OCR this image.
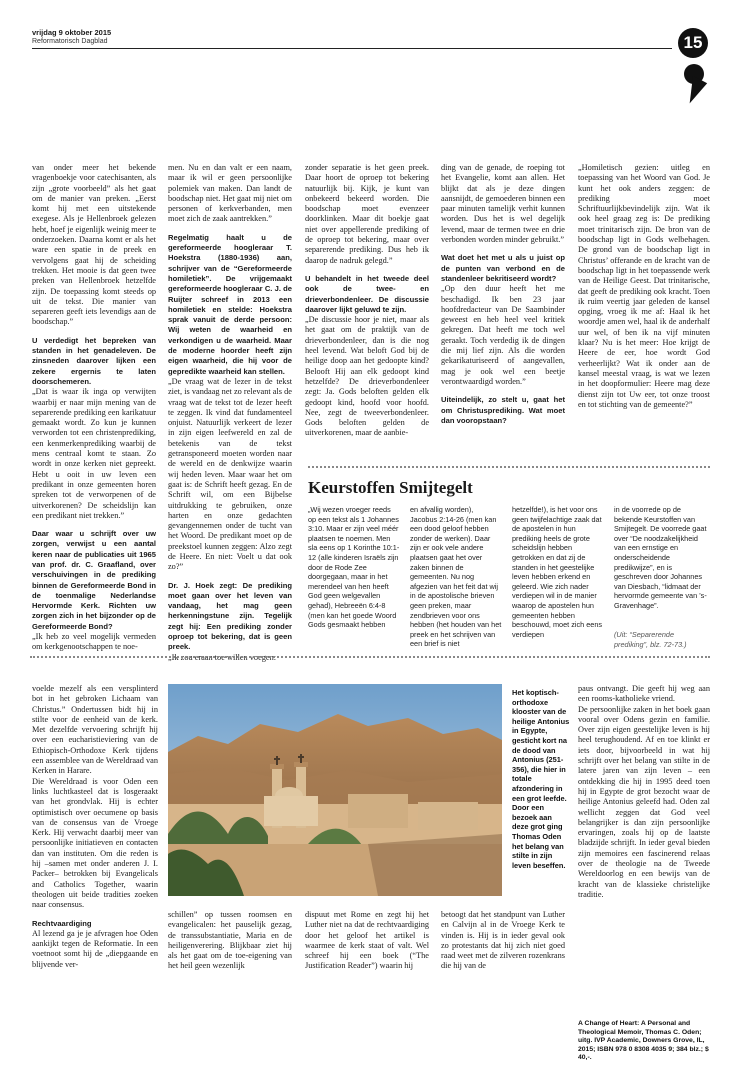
vrijdag 9 oktober 2015
Reformatorisch Dagblad	15

van onder meer het bekende vragenboekje voor catechisanten, als zijn „grote voorbeeld” als het gaat om de manier van preken. „Eerst komt hij met een uitstekende exegese. Als je Hellenbroek gelezen hebt, hoef je eigenlijk weinig meer te onderzoeken. Daarna komt er als het ware een spatie in de preek en vervolgens gaat hij de scheiding trekken. Het mooie is dat geen twee preken van Hellenbroek hetzelfde zijn. De toepassing komt steeds op uit de tekst. Die manier van separeren geeft iets levendigs aan de boodschap.”

U verdedigt het bepreken van standen in het genadeleven. De zinsneden daarover lijken een zekere ergernis te laten doorschemeren.

„Dat is waar ik inga op verwijten waarbij er naar mijn mening van de separerende prediking een karikatuur gemaakt wordt. Zo kun je kunnen verworden tot een christenprediking, een kenmerkenprediking waarbij de mens centraal komt te staan. Zo wordt in onze kerken niet gepreekt. Hebt u ooit in uw leven een predikant in onze gemeenten horen spreken tot de verworpenen of de uitverkorenen? De scheidslijn kan een predikant niet trekken.”

Daar waar u schrijft over uw zorgen, verwijst u een aantal keren naar de publicaties uit 1965 van prof. dr. C. Graafland, over verschuivingen in de prediking binnen de Gereformeerde Bond in de toenmalige Nederlandse Hervormde Kerk. Richten uw zorgen zich in het bijzonder op de Gereformeerde Bond?

„Ik heb zo veel mogelijk vermeden om kerkgenootschappen te noe-

men. Nu en dan valt er een naam, maar ik wil er geen persoonlijke polemiek van maken. Dan landt de boodschap niet. Het gaat mij niet om personen of kerkverbanden, men moet zich de zaak aantrekken.”

Regelmatig haalt u de gereformeerde hoogleraar T. Hoekstra (1880-1936) aan, schrijver van de “Gereformeerde homiletiek”. De vrijgemaakt gereformeerde hoogleraar C. J. de Ruijter schreef in 2013 een homiletiek en stelde: Hoekstra sprak vanuit de derde persoon: Wij weten de waarheid en verkondigen u de waarheid. Maar de moderne hoorder heeft zijn eigen waarheid, die hij voor de gepredikte waarheid kan stellen.

„De vraag wat de lezer in de tekst ziet, is vandaag net zo relevant als de vraag wat de tekst tot de lezer heeft te zeggen. Ik vind dat fundamenteel onjuist. Natuurlijk verkeert de lezer in zijn eigen leefwereld en zal de betekenis van de tekst getransponeerd moeten worden naar de wereld en de denkwijze waarin wij heden leven. Maar waar het om gaat is: de Schrift heeft gezag. En de Schrift wil, om een Bijbelse uitdrukking te gebruiken, onze harten en onze gedachten gevangennemen onder de tucht van het Woord. De predikant moet op de preekstoel kunnen zeggen: Alzo zegt de Heere. En niet: Voelt u dat ook zo?”

Dr. J. Hoek zegt: De prediking moet gaan over het leven van vandaag, het mag geen herkenningstune zijn. Tegelijk zegt hij: Een prediking zonder oproep tot bekering, dat is geen preek.

„Ik zou eraan toe willen voegen:

zonder separatie is het geen preek. Daar hoort de oproep tot bekering natuurlijk bij. Kijk, je kunt van onbekeerd bekeerd worden. Die boodschap moet evenzeer doorklinken. Maar dit boekje gaat niet over appellerende prediking of de oproep tot bekering, maar over separerende prediking. Dus heb ik daarop de nadruk gelegd.”

U behandelt in het tweede deel ook de twee- en drieverbondenleer. De discussie daarover lijkt geluwd te zijn.

„De discussie hoor je niet, maar als het gaat om de praktijk van de drieverbondenleer, dan is die nog heel levend. Wat beloft God bij de heilige doop aan het gedoopte kind? Belooft Hij aan elk gedoopt kind hetzelfde? De drieverbondenleer zegt: Ja. Gods beloften gelden elk gedoopt kind, hoofd voor hoofd. Nee, zegt de tweeverbondenleer. Gods beloften gelden de uitverkorenen, maar de aanbie-

ding van de genade, de roeping tot het Evangelie, komt aan allen. Het blijkt dat als je deze dingen aansnijdt, de gemoederen binnen een paar minuten tamelijk verhit kunnen worden. Dus het is wel degelijk levend, maar de termen twee en drie verbonden worden minder gebruikt.”

Wat doet het met u als u juist op de punten van verbond en de standenleer bekritiseerd wordt?

„Op den duur heeft het me beschadigd. Ik ben 23 jaar hoofdredacteur van De Saambinder geweest en heb heel veel kritiek gekregen. Dat heeft me toch wel geraakt. Toch verdedig ik de dingen die mij lief zijn. Als die worden gekarikaturiseerd of aangevallen, mag je ook wel een beetje verontwaardigd worden.”

Uiteindelijk, zo stelt u, gaat het om Christusprediking. Wat moet dan vooropstaan?

„Homiletisch gezien: uitleg en toepassing van het Woord van God. Je kunt het ook anders zeggen: de prediking moet Schriftuurlijkbevindelijk zijn. Wat ik ook heel graag zeg is: De prediking moet trinitarisch zijn. De bron van de boodschap ligt in Gods welbehagen. De grond van de boodschap ligt in Christus’ offerande en de kracht van de boodschap ligt in het toepassende werk van de Heilige Geest. Dat trinitarische, dat geeft de prediking ook kracht. Toen ik ruim veertig jaar geleden de kansel opging, vroeg ik me af: Haal ik het woordje amen wel, haal ik de anderhalf uur wel, of ben ik na vijf minuten klaar? Nu is het meer: Hoe krijgt de Heere de eer, hoe wordt God verheerlijkt? Wat ik onder aan de kansel meestal vraag, is wat we lezen in het doopformulier: Heere mag deze dienst zijn tot Uw eer, tot onze troost en tot stichting van de gemeente?”

Keurstoffen Smijtegelt
„Wij wezen vroeger reeds op een tekst als 1 Johannes 3:10. Maar er zijn veel méér plaatsen te noemen. Men sla eens op 1 Korinthe 10:1-12 (alle kinderen Israëls zijn door de Rode Zee doorgegaan, maar in het merendeel van hen heeft God geen welgevallen gehad), Hebreeën 6:4-8 (men kan het goede Woord Gods gesmaakt hebben
en afvallig worden), Jacobus 2:14-26 (men kan een dood geloof hebben zonder de werken). Daar zijn er ook vele andere plaatsen gaat het over zaken binnen de gemeenten. Nu nog afgezien van het feit dat wij in de apostolische brieven geen preken, maar zendbrieven voor ons hebben (het houden van het preek en het schrijven van een brief is niet
hetzelfde!), is het voor ons geen twijfelachtige zaak dat de apostelen in hun prediking heels de grote scheidslijn hebben getrokken en dat zij de standen in het geestelijke leven hebben erkend en geleerd. Wie zich nader verdiepen wil in de manier waarop de apostelen hun gemeenten hebben beschouwd, moet zich eens verdiepen
in de voorrede op de bekende Keurstoffen van Smijtegelt. De voorrede gaat over “De noodzakelijkheid van een ernstige en onderscheidende predikwijze”, en is geschreven door Johannes van Diesbach, “lidmaat der hervormde gemeente van ’s-Gravenhage”.
(Uit: “Separerende prediking”, blz. 72-73.)
Het koptisch-orthodoxe klooster van de heilige Antonius in Egypte, gesticht kort na de dood van Antonius (251-356), die hier in totale afzondering in een grot leefde. Door een bezoek aan deze grot ging Thomas Oden het belang van stilte in zijn leven beseffen.

voelde mezelf als een versplinterd bot in het gebroken Lichaam van Christus.” Ondertussen bidt hij in stilte voor de eenheid van de kerk. Met dezelfde vervoering schrijft hij over een eucharistieviering van de Ethiopisch-Orthodoxe Kerk tijdens een assemblee van de Wereldraad van Kerken in Harare.

Die Wereldraad is voor Oden een links luchtkasteel dat is losgeraakt van het grondvlak. Hij is echter optimistisch over oecumene op basis van de consensus van de Vroege Kerk. Hij verwacht daarbij meer van persoonlijke initiatieven en contacten dan van instituten. Om die reden is hij –samen met onder anderen J. I. Packer– betrokken bij Evangelicals and Catholics Together, waarin theologen uit beide tradities zoeken naar consensus.

Rechtvaardiging

Al lezend ga je je afvragen hoe Oden aankijkt tegen de Reformatie. In een voetnoot somt hij de „diepgaande en blijvende ver-

schillen” op tussen roomsen en evangelicalen: het pauselijk gezag, de transsubstantiatie, Maria en de heiligenverering. Blijkbaar ziet hij als het gaat om de toe-eigening van het heil geen wezenlijk

dispuut met Rome en zegt hij het Luther niet na dat de rechtvaardiging door het geloof het artikel is waarmee de kerk staat of valt. Wel schreef hij een boek (“The Justification Reader”) waarin hij

betoogt dat het standpunt van Luther en Calvijn al in de Vroege Kerk te vinden is. Hij is in ieder geval ook zo protestants dat hij zich niet goed raad weet met de zilveren rozenkrans die hij van de

paus ontvangt. Die geeft hij weg aan een rooms-katholieke vriend.

De persoonlijke zaken in het boek gaan vooral over Odens gezin en familie. Over zijn eigen geestelijke leven is hij heel terughoudend. Af en toe klinkt er iets door, bijvoorbeeld in wat hij schrijft over het belang van stilte in de latere jaren van zijn leven – een ontdekking die hij in 1995 deed toen hij in Egypte de grot bezocht waar de heilige Antonius geleefd had. Oden zal wellicht zeggen dat God veel belangrijker is dan zijn persoonlijke ervaringen, zoals hij op de laatste bladzijde schrijft. In ieder geval bieden zijn memoires een fascinerend relaas over de theologie na de Tweede Wereldoorlog en een bewijs van de kracht van de klassieke christelijke traditie.

A Change of Heart: A Personal and Theological Memoir, Thomas C. Oden; uitg. IVP Academic, Downers Grove, IL, 2015; ISBN 978 0 8308 4035 9; 384 blz.; $ 40,-.
